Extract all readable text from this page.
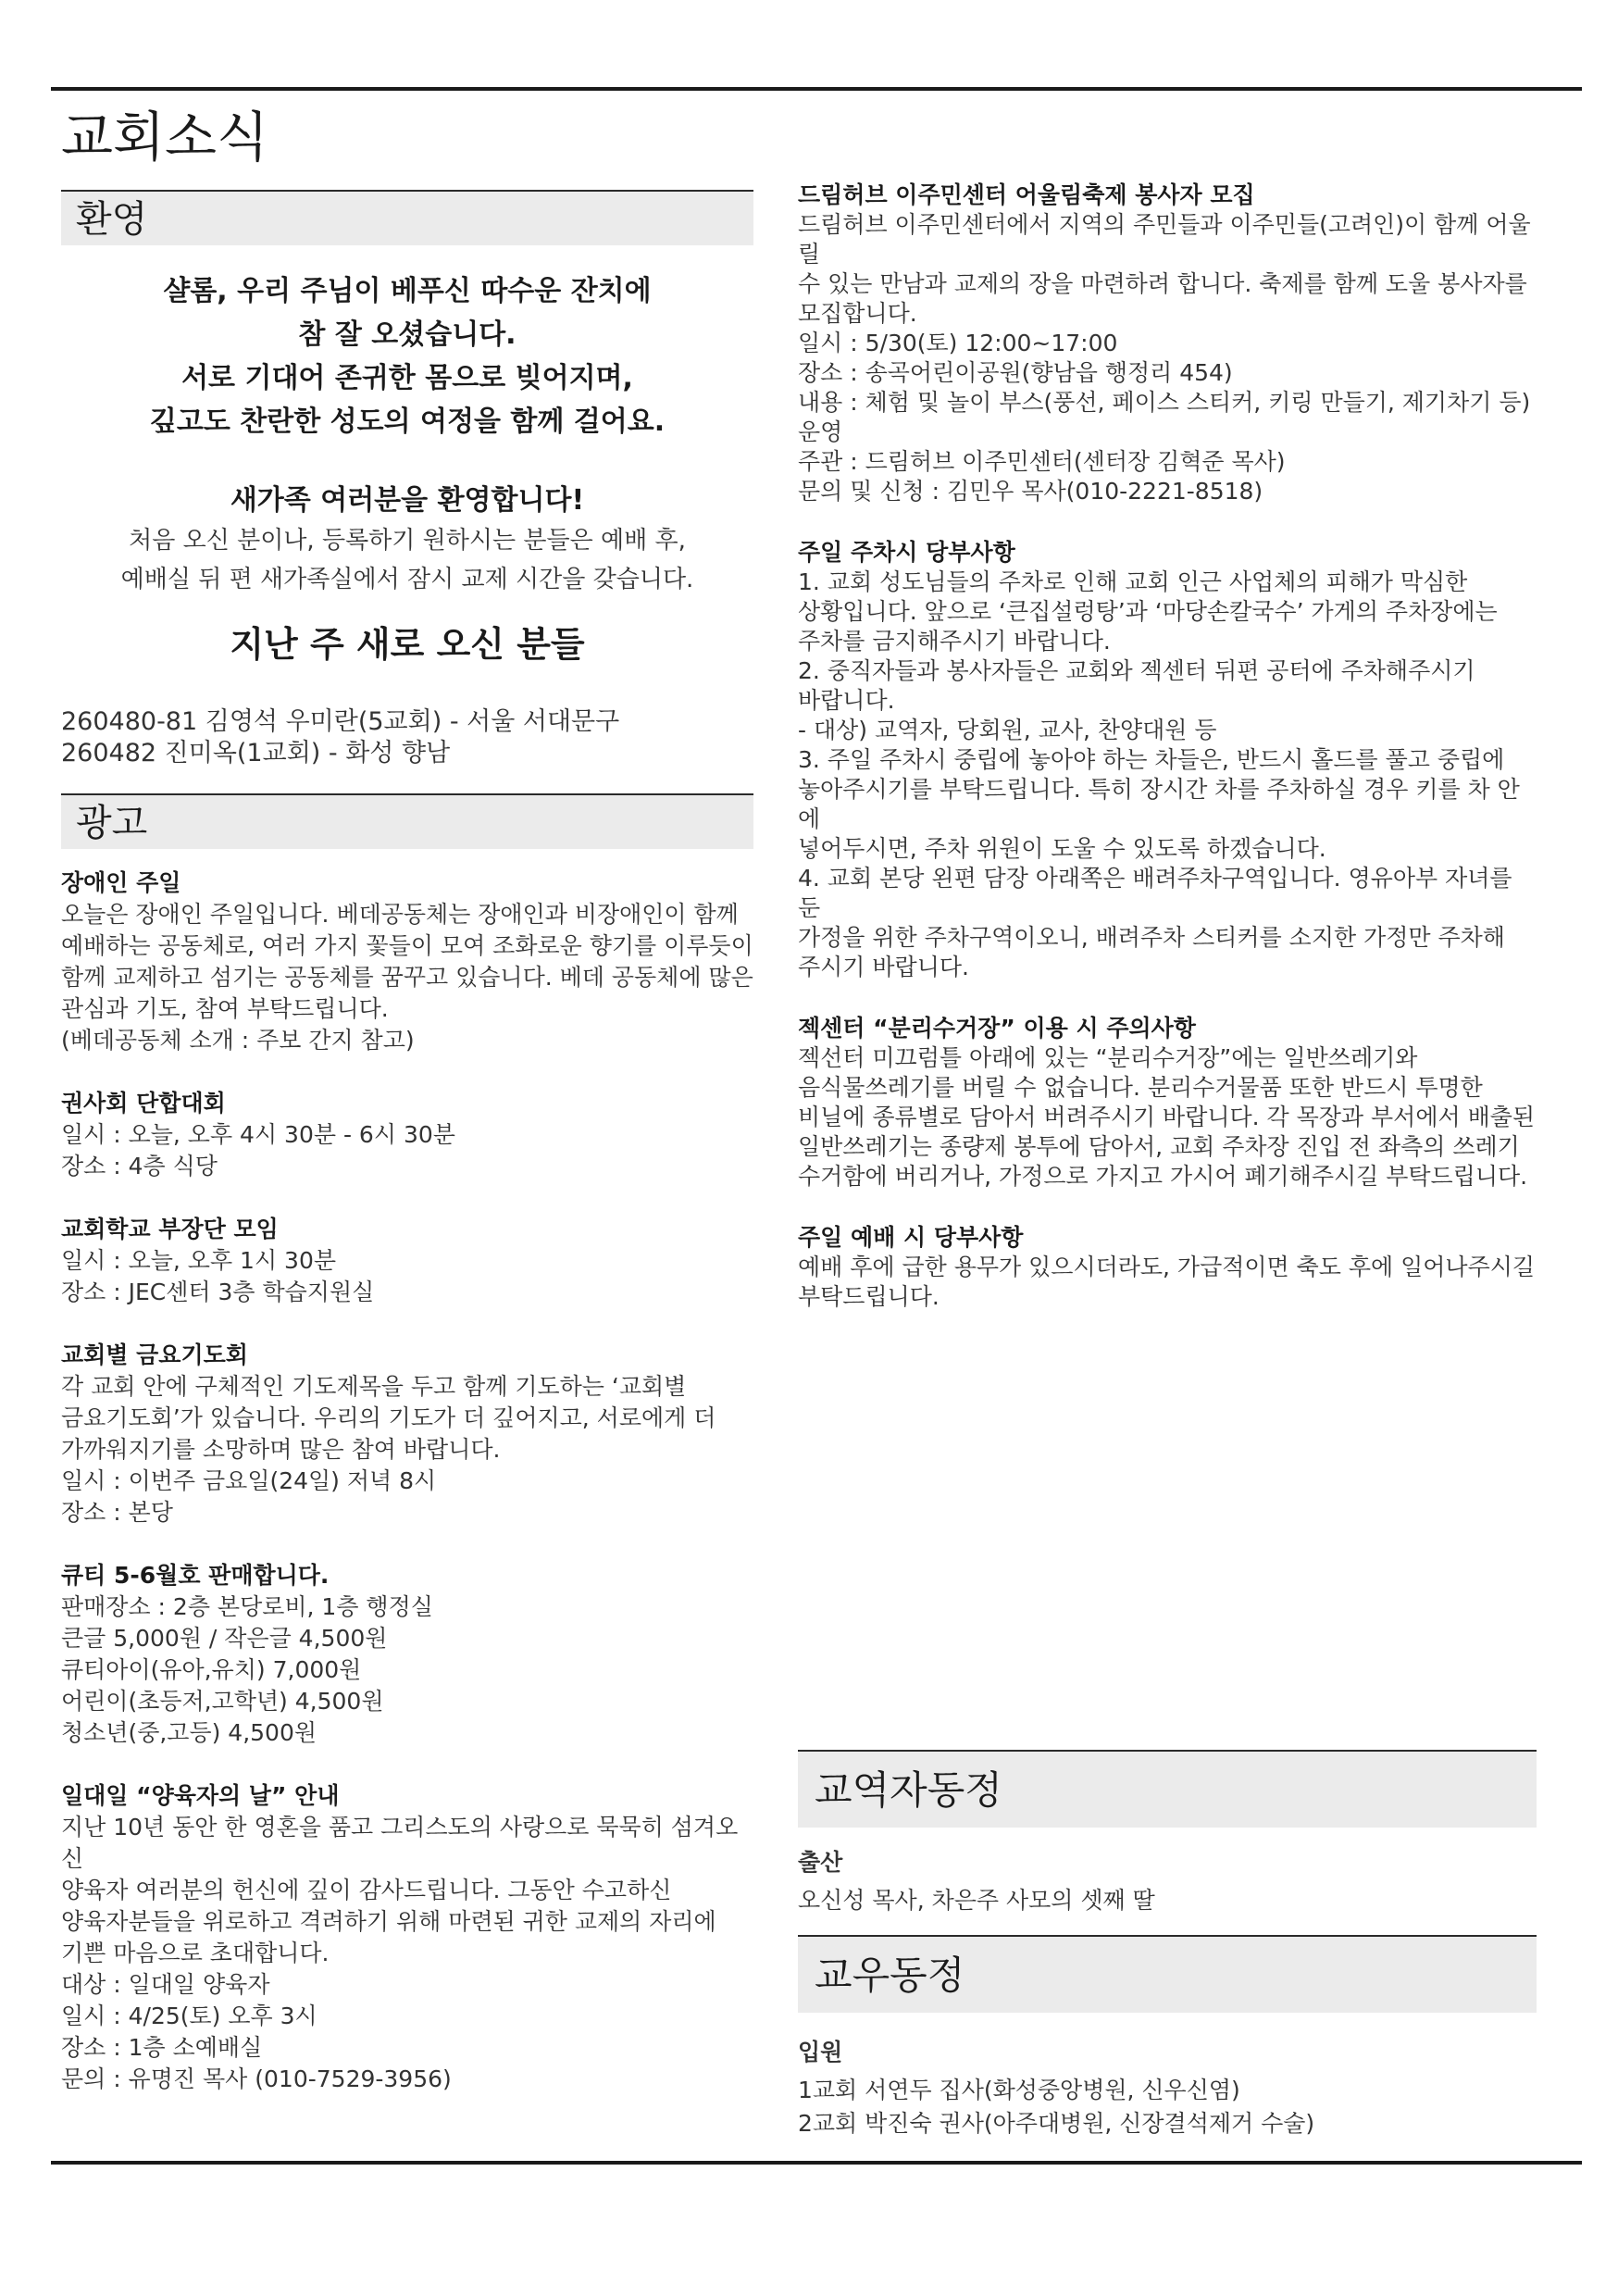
교회소식
환영
샬롬, 우리 주님이 베푸신 따수운 잔치에
참 잘 오셨습니다.
서로 기대어 존귀한 몸으로 빚어지며,
깊고도 찬란한 성도의 여정을 함께 걸어요.
새가족 여러분을 환영합니다!
처음 오신 분이나, 등록하기 원하시는 분들은 예배 후,
예배실 뒤 편 새가족실에서 잠시 교제 시간을 갖습니다.
지난 주 새로 오신 분들
260480-81 김영석 우미란(5교회) - 서울 서대문구
260482 진미옥(1교회) - 화성 향남
광고
장애인 주일
오늘은 장애인 주일입니다. 베데공동체는 장애인과 비장애인이 함께
예배하는 공동체로, 여러 가지 꽃들이 모여 조화로운 향기를 이루듯이
함께 교제하고 섬기는 공동체를 꿈꾸고 있습니다. 베데 공동체에 많은
관심과 기도, 참여 부탁드립니다.
(베데공동체 소개 : 주보 간지 참고)
권사회 단합대회
일시 : 오늘, 오후 4시 30분 - 6시 30분
장소 : 4층 식당
교회학교 부장단 모임
일시 : 오늘, 오후 1시 30분
장소 : JEC센터 3층 학습지원실
교회별 금요기도회
각 교회 안에 구체적인 기도제목을 두고 함께 기도하는 ‘교회별
금요기도회’가 있습니다. 우리의 기도가 더 깊어지고, 서로에게 더
가까워지기를 소망하며 많은 참여 바랍니다.
일시 : 이번주 금요일(24일) 저녁 8시
장소 : 본당
큐티 5-6월호 판매합니다.
판매장소 : 2층 본당로비, 1층 행정실
큰글 5,000원 / 작은글 4,500원
큐티아이(유아,유치) 7,000원
어린이(초등저,고학년) 4,500원
청소년(중,고등) 4,500원
일대일 “양육자의 날” 안내
지난 10년 동안 한 영혼을 품고 그리스도의 사랑으로 묵묵히 섬겨오신
양육자 여러분의 헌신에 깊이 감사드립니다. 그동안 수고하신
양육자분들을 위로하고 격려하기 위해 마련된 귀한 교제의 자리에
기쁜 마음으로 초대합니다.
대상 : 일대일 양육자
일시 : 4/25(토) 오후 3시
장소 : 1층 소예배실
문의 : 유명진 목사 (010-7529-3956)
드림허브 이주민센터 어울림축제 봉사자 모집
드림허브 이주민센터에서 지역의 주민들과 이주민들(고려인)이 함께 어울릴
수 있는 만남과 교제의 장을 마련하려 합니다. 축제를 함께 도울 봉사자를
모집합니다.
일시 : 5/30(토) 12:00~17:00
장소 : 송곡어린이공원(향남읍 행정리 454)
내용 : 체험 및 놀이 부스(풍선, 페이스 스티커, 키링 만들기, 제기차기 등)
운영
주관 : 드림허브 이주민센터(센터장 김혁준 목사)
문의 및 신청 : 김민우 목사(010-2221-8518)
주일 주차시 당부사항
1. 교회 성도님들의 주차로 인해 교회 인근 사업체의 피해가 막심한
상황입니다. 앞으로 ‘큰집설렁탕’과 ‘마당손칼국수’ 가게의 주차장에는
주차를 금지해주시기 바랍니다.
2. 중직자들과 봉사자들은 교회와 젝센터 뒤편 공터에 주차해주시기
바랍니다.
- 대상) 교역자, 당회원, 교사, 찬양대원 등
3. 주일 주차시 중립에 놓아야 하는 차들은, 반드시 홀드를 풀고 중립에
놓아주시기를 부탁드립니다. 특히 장시간 차를 주차하실 경우 키를 차 안에
넣어두시면, 주차 위원이 도울 수 있도록 하겠습니다.
4. 교회 본당 왼편 담장 아래쪽은 배려주차구역입니다. 영유아부 자녀를 둔
가정을 위한 주차구역이오니, 배려주차 스티커를 소지한 가정만 주차해
주시기 바랍니다.
젝센터 “분리수거장” 이용 시 주의사항
젝선터 미끄럼틀 아래에 있는 “분리수거장”에는 일반쓰레기와
음식물쓰레기를 버릴 수 없습니다. 분리수거물품 또한 반드시 투명한
비닐에 종류별로 담아서 버려주시기 바랍니다. 각 목장과 부서에서 배출된
일반쓰레기는 종량제 봉투에 담아서, 교회 주차장 진입 전 좌측의 쓰레기
수거함에 버리거나, 가정으로 가지고 가시어 폐기해주시길 부탁드립니다.
주일 예배 시 당부사항
예배 후에 급한 용무가 있으시더라도, 가급적이면 축도 후에 일어나주시길
부탁드립니다.
교역자동정
출산
오신성 목사, 차은주 사모의 셋째 딸
교우동정
입원
1교회 서연두 집사(화성중앙병원, 신우신염)
2교회 박진숙 권사(아주대병원, 신장결석제거 수술)
